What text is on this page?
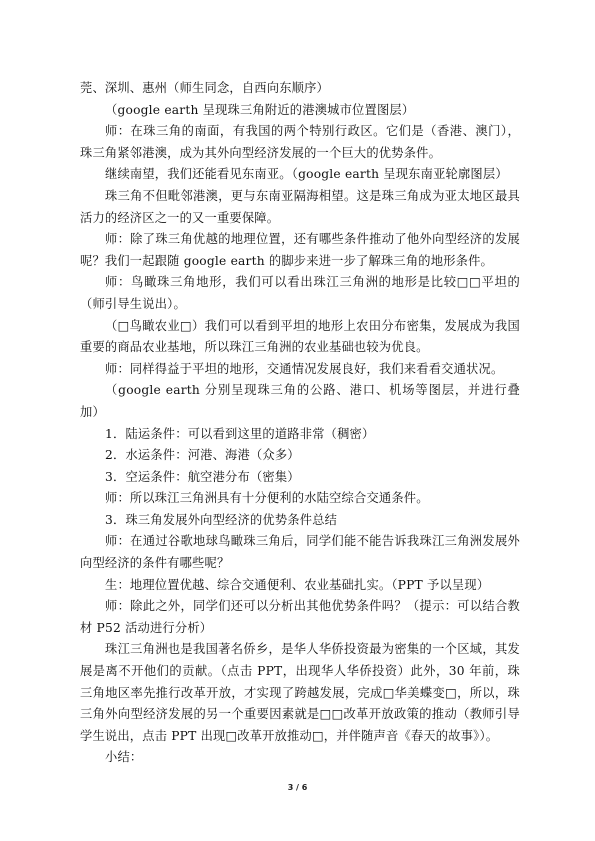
莞、深圳、惠州（师生同念，自西向东顺序）

（google earth 呈现珠三角附近的港澳城市位置图层）

师：在珠三角的南面，有我国的两个特别行政区。它们是（香港、澳门），珠三角紧邻港澳，成为其外向型经济发展的一个巨大的优势条件。

继续南望，我们还能看见东南亚。（google earth 呈现东南亚轮廓图层）

珠三角不但毗邻港澳，更与东南亚隔海相望。这是珠三角成为亚太地区最具活力的经济区之一的又一重要保障。

师：除了珠三角优越的地理位置，还有哪些条件推动了他外向型经济的发展呢？我们一起跟随 google earth 的脚步来进一步了解珠三角的地形条件。

师：鸟瞰珠三角地形，我们可以看出珠江三角洲的地形是比较□□平坦的（师引导生说出）。

（□鸟瞰农业□）我们可以看到平坦的地形上农田分布密集，发展成为我国重要的商品农业基地，所以珠江三角洲的农业基础也较为优良。

师：同样得益于平坦的地形，交通情况发展良好，我们来看看交通状况。

（google earth 分别呈现珠三角的公路、港口、机场等图层，并进行叠加）

1．陆运条件：可以看到这里的道路非常（稠密）

2．水运条件：河港、海港（众多）

3．空运条件：航空港分布（密集）

师：所以珠江三角洲具有十分便利的水陆空综合交通条件。

3．珠三角发展外向型经济的优势条件总结

师：在通过谷歌地球鸟瞰珠三角后，同学们能不能告诉我珠江三角洲发展外向型经济的条件有哪些呢？

生：地理位置优越、综合交通便利、农业基础扎实。（PPT 予以呈现）

师：除此之外，同学们还可以分析出其他优势条件吗？（提示：可以结合教材 P52 活动进行分析）

珠江三角洲也是我国著名侨乡，是华人华侨投资最为密集的一个区域，其发展是离不开他们的贡献。（点击 PPT，出现华人华侨投资）此外，30 年前，珠三角地区率先推行改革开放，才实现了跨越发展，完成□华美蝶变□，所以，珠三角外向型经济发展的另一个重要因素就是□□改革开放政策的推动（教师引导学生说出，点击 PPT 出现□改革开放推动□，并伴随声音《春天的故事》）。

小结：

3 / 6
